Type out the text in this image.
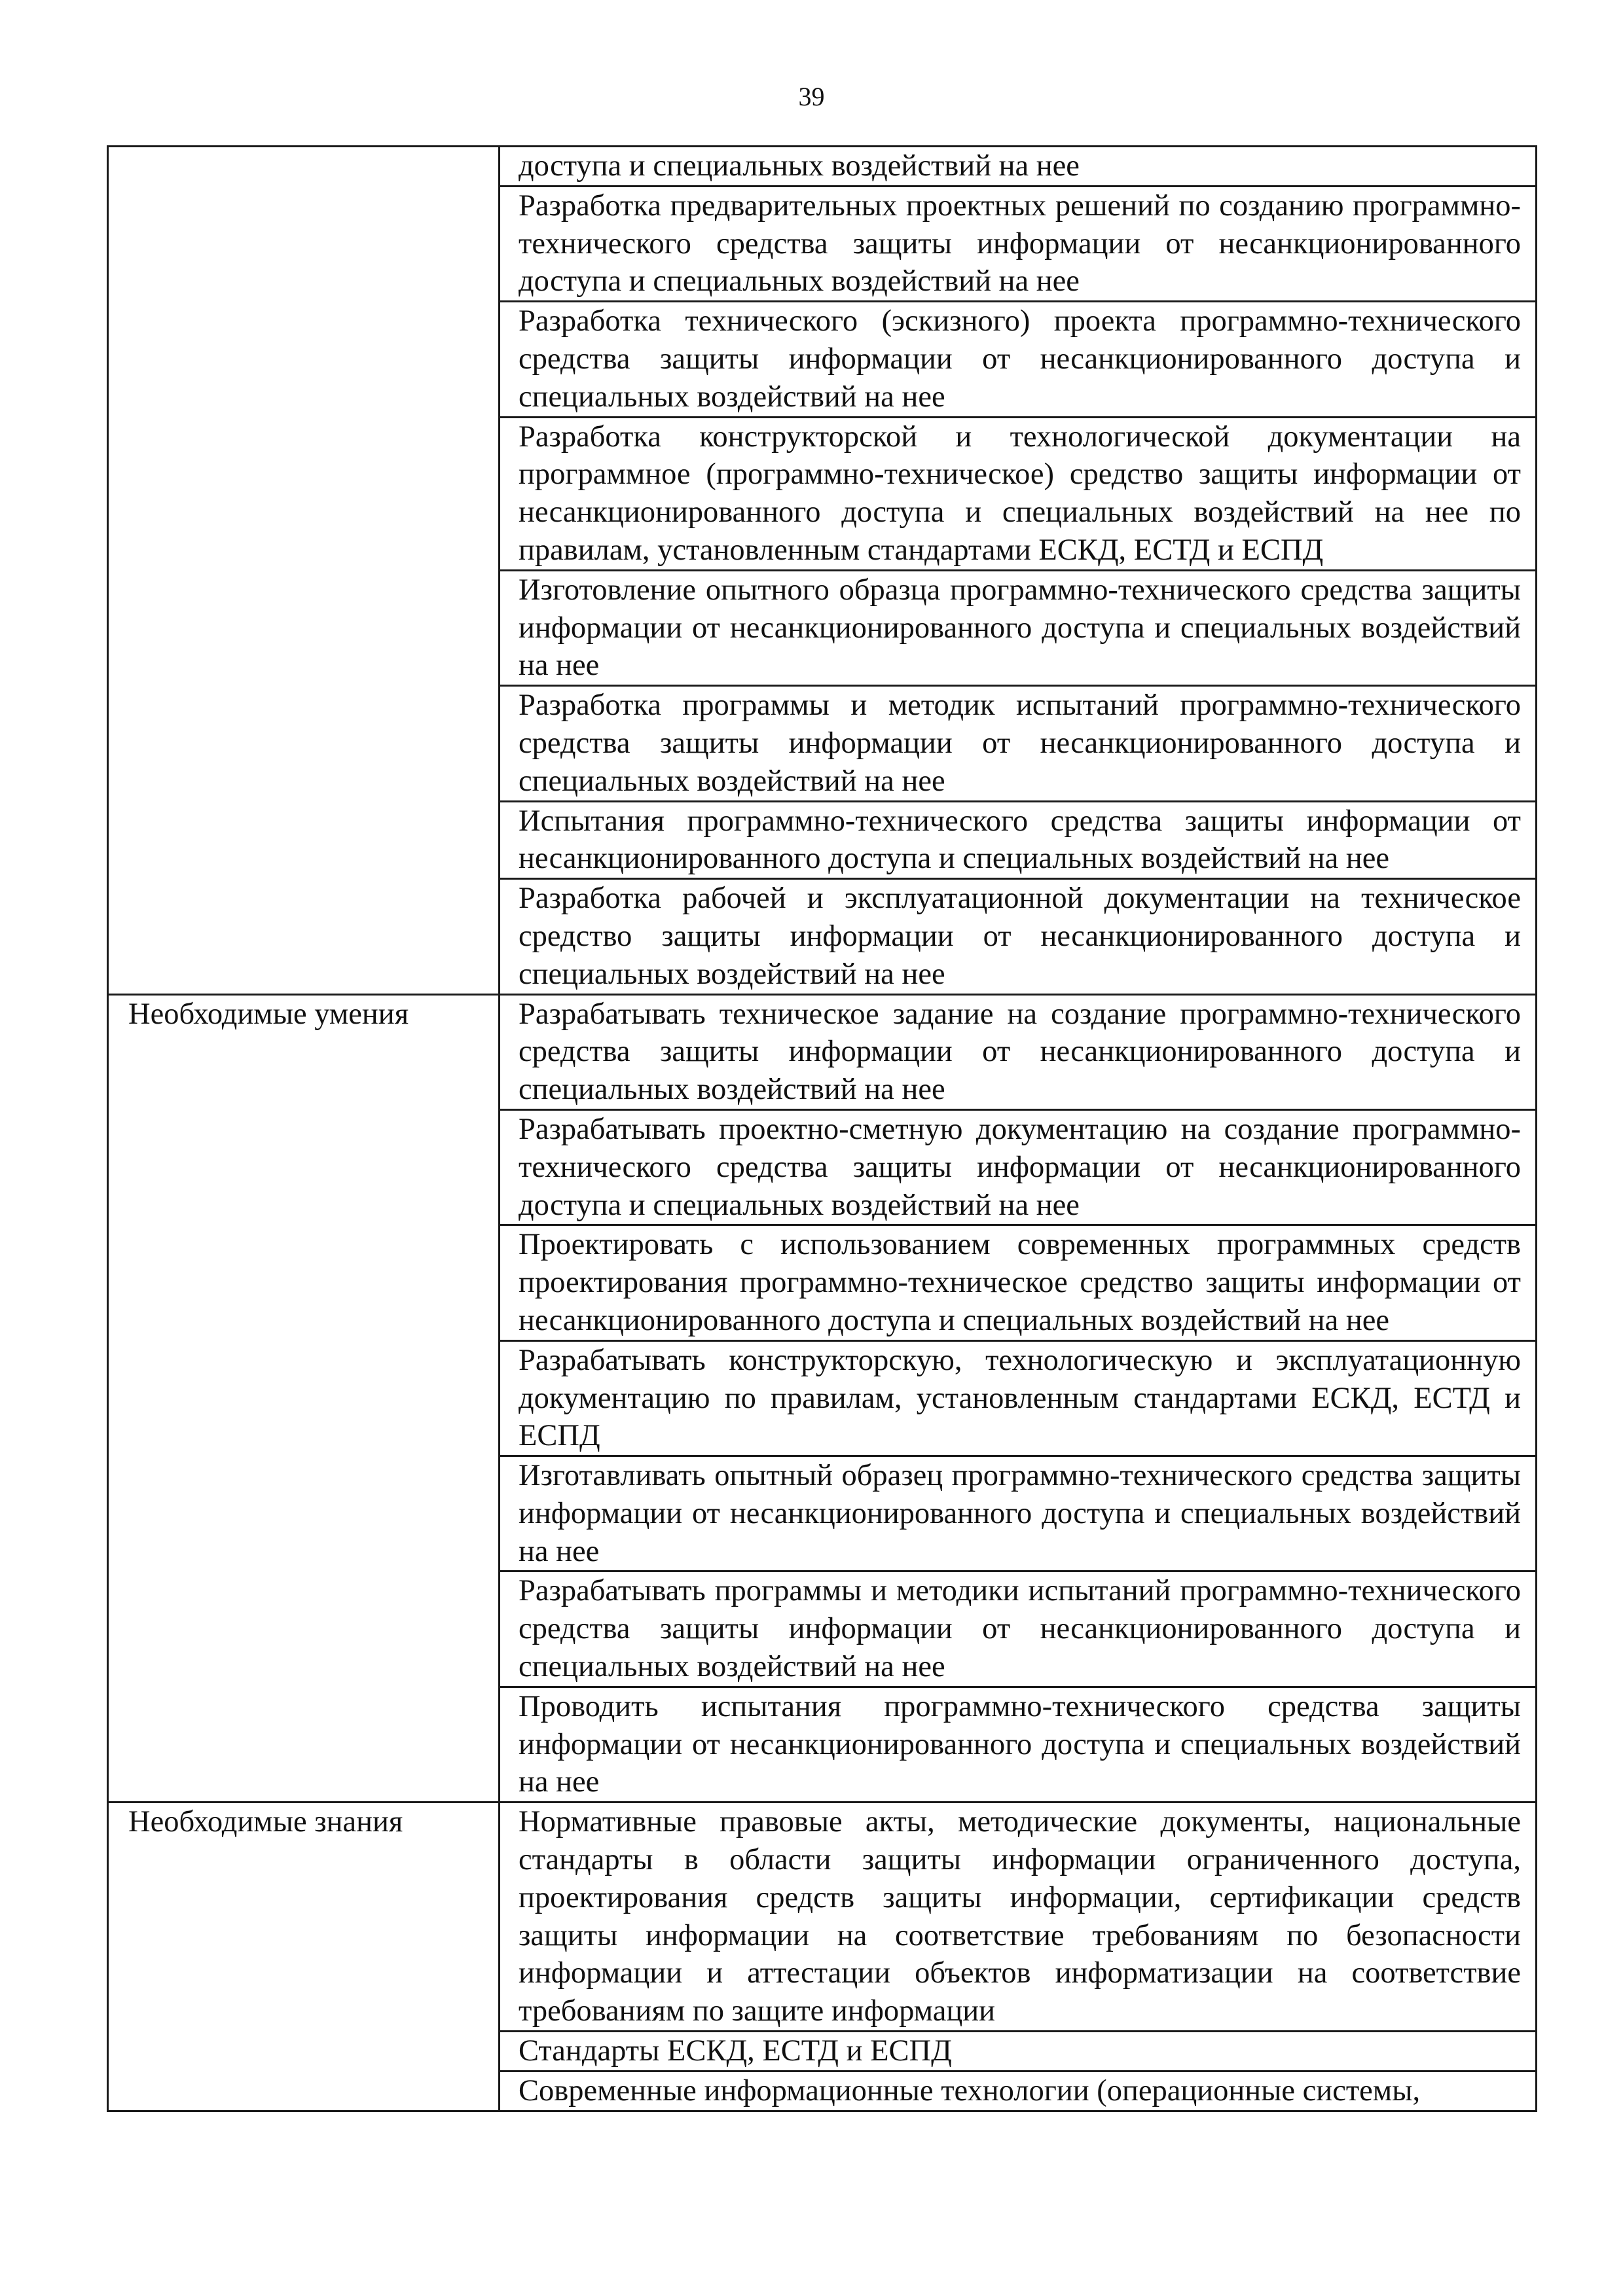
39
	доступа и специальных воздействий на нее
	Разработка предварительных проектных решений по созданию программно-технического средства защиты информации от несанкционированного доступа и специальных воздействий на нее
	Разработка технического (эскизного) проекта программно-технического средства защиты информации от несанкционированного доступа и специальных воздействий на нее
	Разработка конструкторской и технологической документации на программное (программно-техническое) средство защиты информации от несанкционированного доступа и специальных воздействий на нее по правилам, установленным стандартами ЕСКД, ЕСТД и ЕСПД
	Изготовление опытного образца программно-технического средства защиты информации от несанкционированного доступа и специальных воздействий на нее
	Разработка программы и методик испытаний программно-технического средства защиты информации от несанкционированного доступа и специальных воздействий на нее
	Испытания программно-технического средства защиты информации от несанкционированного доступа и специальных воздействий на нее
	Разработка рабочей и эксплуатационной документации на техническое средство защиты информации от несанкционированного доступа и специальных воздействий на нее
Необходимые умения	Разрабатывать техническое задание на создание программно-технического средства защиты информации от несанкционированного доступа и специальных воздействий на нее
	Разрабатывать проектно-сметную документацию на создание программно-технического средства защиты информации от несанкционированного доступа и специальных воздействий на нее
	Проектировать с использованием современных программных средств проектирования программно-техническое средство защиты информации от несанкционированного доступа и специальных воздействий на нее
	Разрабатывать конструкторскую, технологическую и эксплуатационную документацию по правилам, установленным стандартами ЕСКД, ЕСТД и ЕСПД
	Изготавливать опытный образец программно-технического средства защиты информации от несанкционированного доступа и специальных воздействий на нее
	Разрабатывать программы и методики испытаний программно-технического средства защиты информации от несанкционированного доступа и специальных воздействий на нее
	Проводить испытания программно-технического средства защиты информации от несанкционированного доступа и специальных воздействий на нее
Необходимые знания	Нормативные правовые акты, методические документы, национальные стандарты в области защиты информации ограниченного доступа, проектирования средств защиты информации, сертификации средств защиты информации на соответствие требованиям по безопасности информации и аттестации объектов информатизации на соответствие требованиям по защите информации
	Стандарты ЕСКД, ЕСТД и ЕСПД
	Современные информационные технологии (операционные системы,
